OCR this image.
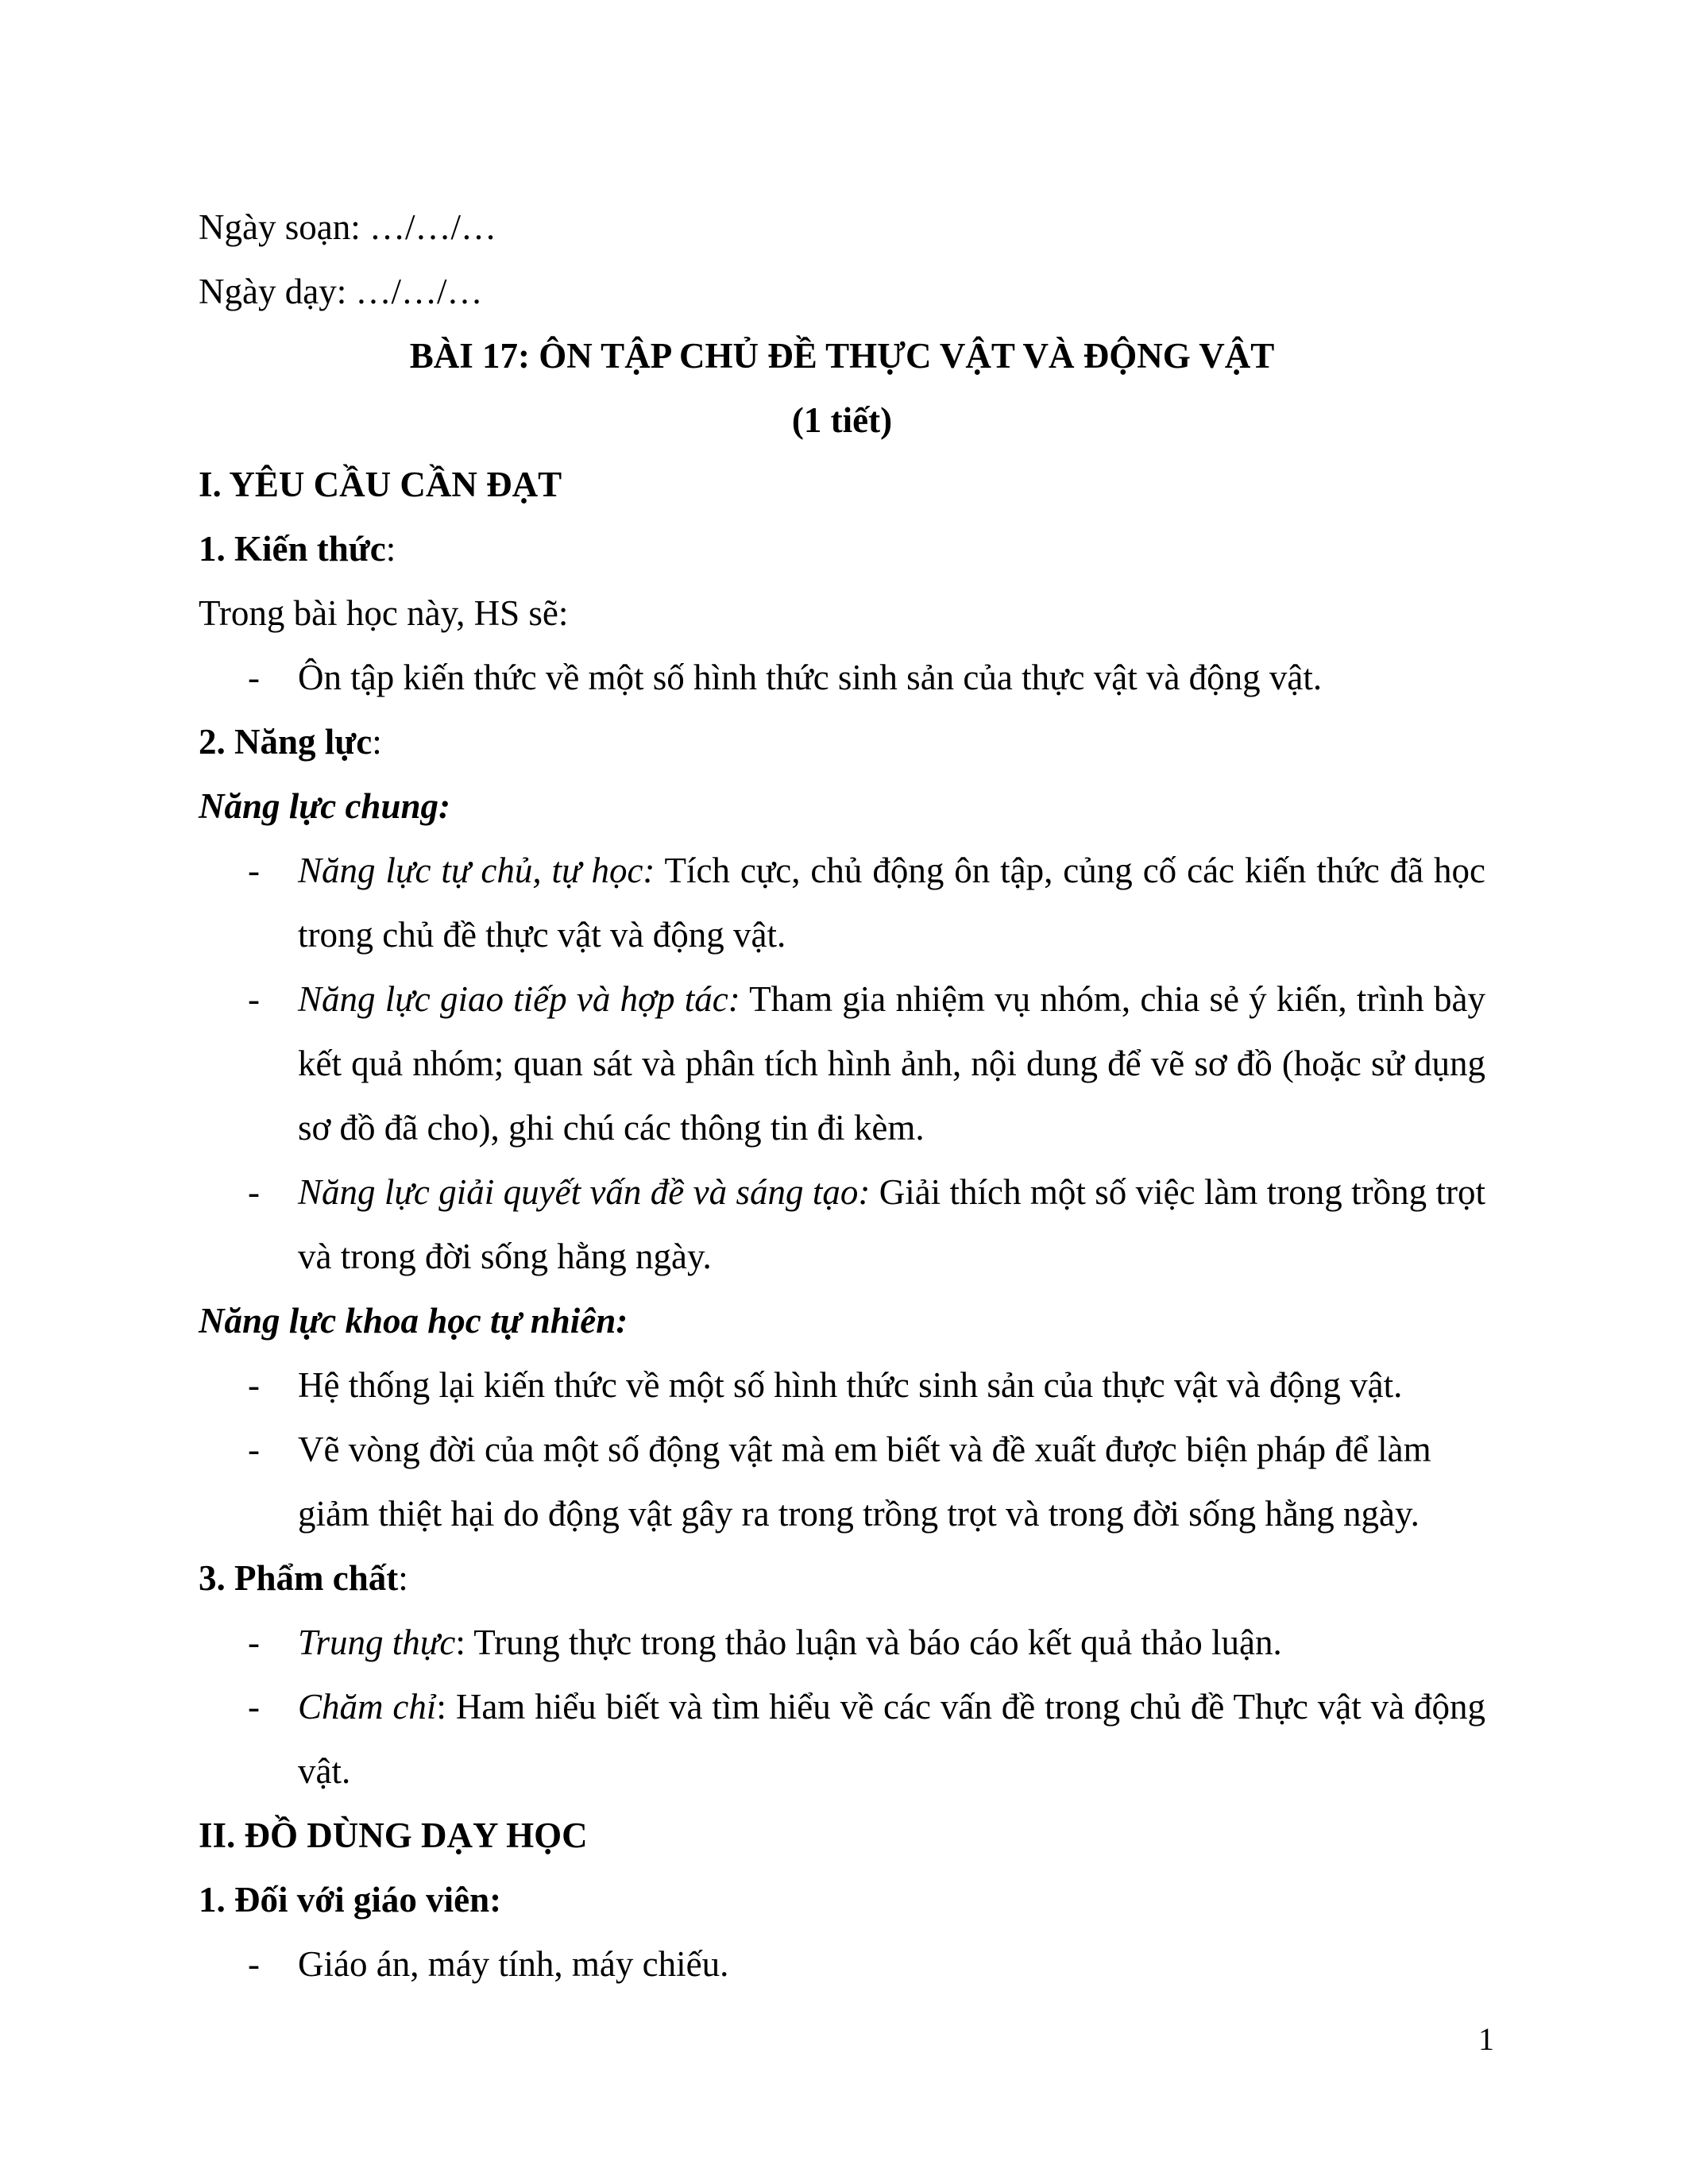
Ngày soạn: …/…/…
Ngày dạy: …/…/…
BÀI 17: ÔN TẬP CHỦ ĐỀ THỰC VẬT VÀ ĐỘNG VẬT
(1 tiết)
I. YÊU CẦU CẦN ĐẠT
1. Kiến thức:
Trong bài học này, HS sẽ:
- Ôn tập kiến thức về một số hình thức sinh sản của thực vật và động vật.
2. Năng lực:
Năng lực chung:
- Năng lực tự chủ, tự học: Tích cực, chủ động ôn tập, củng cố các kiến thức đã học trong chủ đề thực vật và động vật.
- Năng lực giao tiếp và hợp tác: Tham gia nhiệm vụ nhóm, chia sẻ ý kiến, trình bày kết quả nhóm; quan sát và phân tích hình ảnh, nội dung để vẽ sơ đồ (hoặc sử dụng sơ đồ đã cho), ghi chú các thông tin đi kèm.
- Năng lực giải quyết vấn đề và sáng tạo: Giải thích một số việc làm trong trồng trọt và trong đời sống hằng ngày.
Năng lực khoa học tự nhiên:
- Hệ thống lại kiến thức về một số hình thức sinh sản của thực vật và động vật.
- Vẽ vòng đời của một số động vật mà em biết và đề xuất được biện pháp để làm giảm thiệt hại do động vật gây ra trong trồng trọt và trong đời sống hằng ngày.
3. Phẩm chất:
- Trung thực: Trung thực trong thảo luận và báo cáo kết quả thảo luận.
- Chăm chỉ: Ham hiểu biết và tìm hiểu về các vấn đề trong chủ đề Thực vật và động vật.
II. ĐỒ DÙNG DẠY HỌC
1. Đối với giáo viên:
- Giáo án, máy tính, máy chiếu.
1
